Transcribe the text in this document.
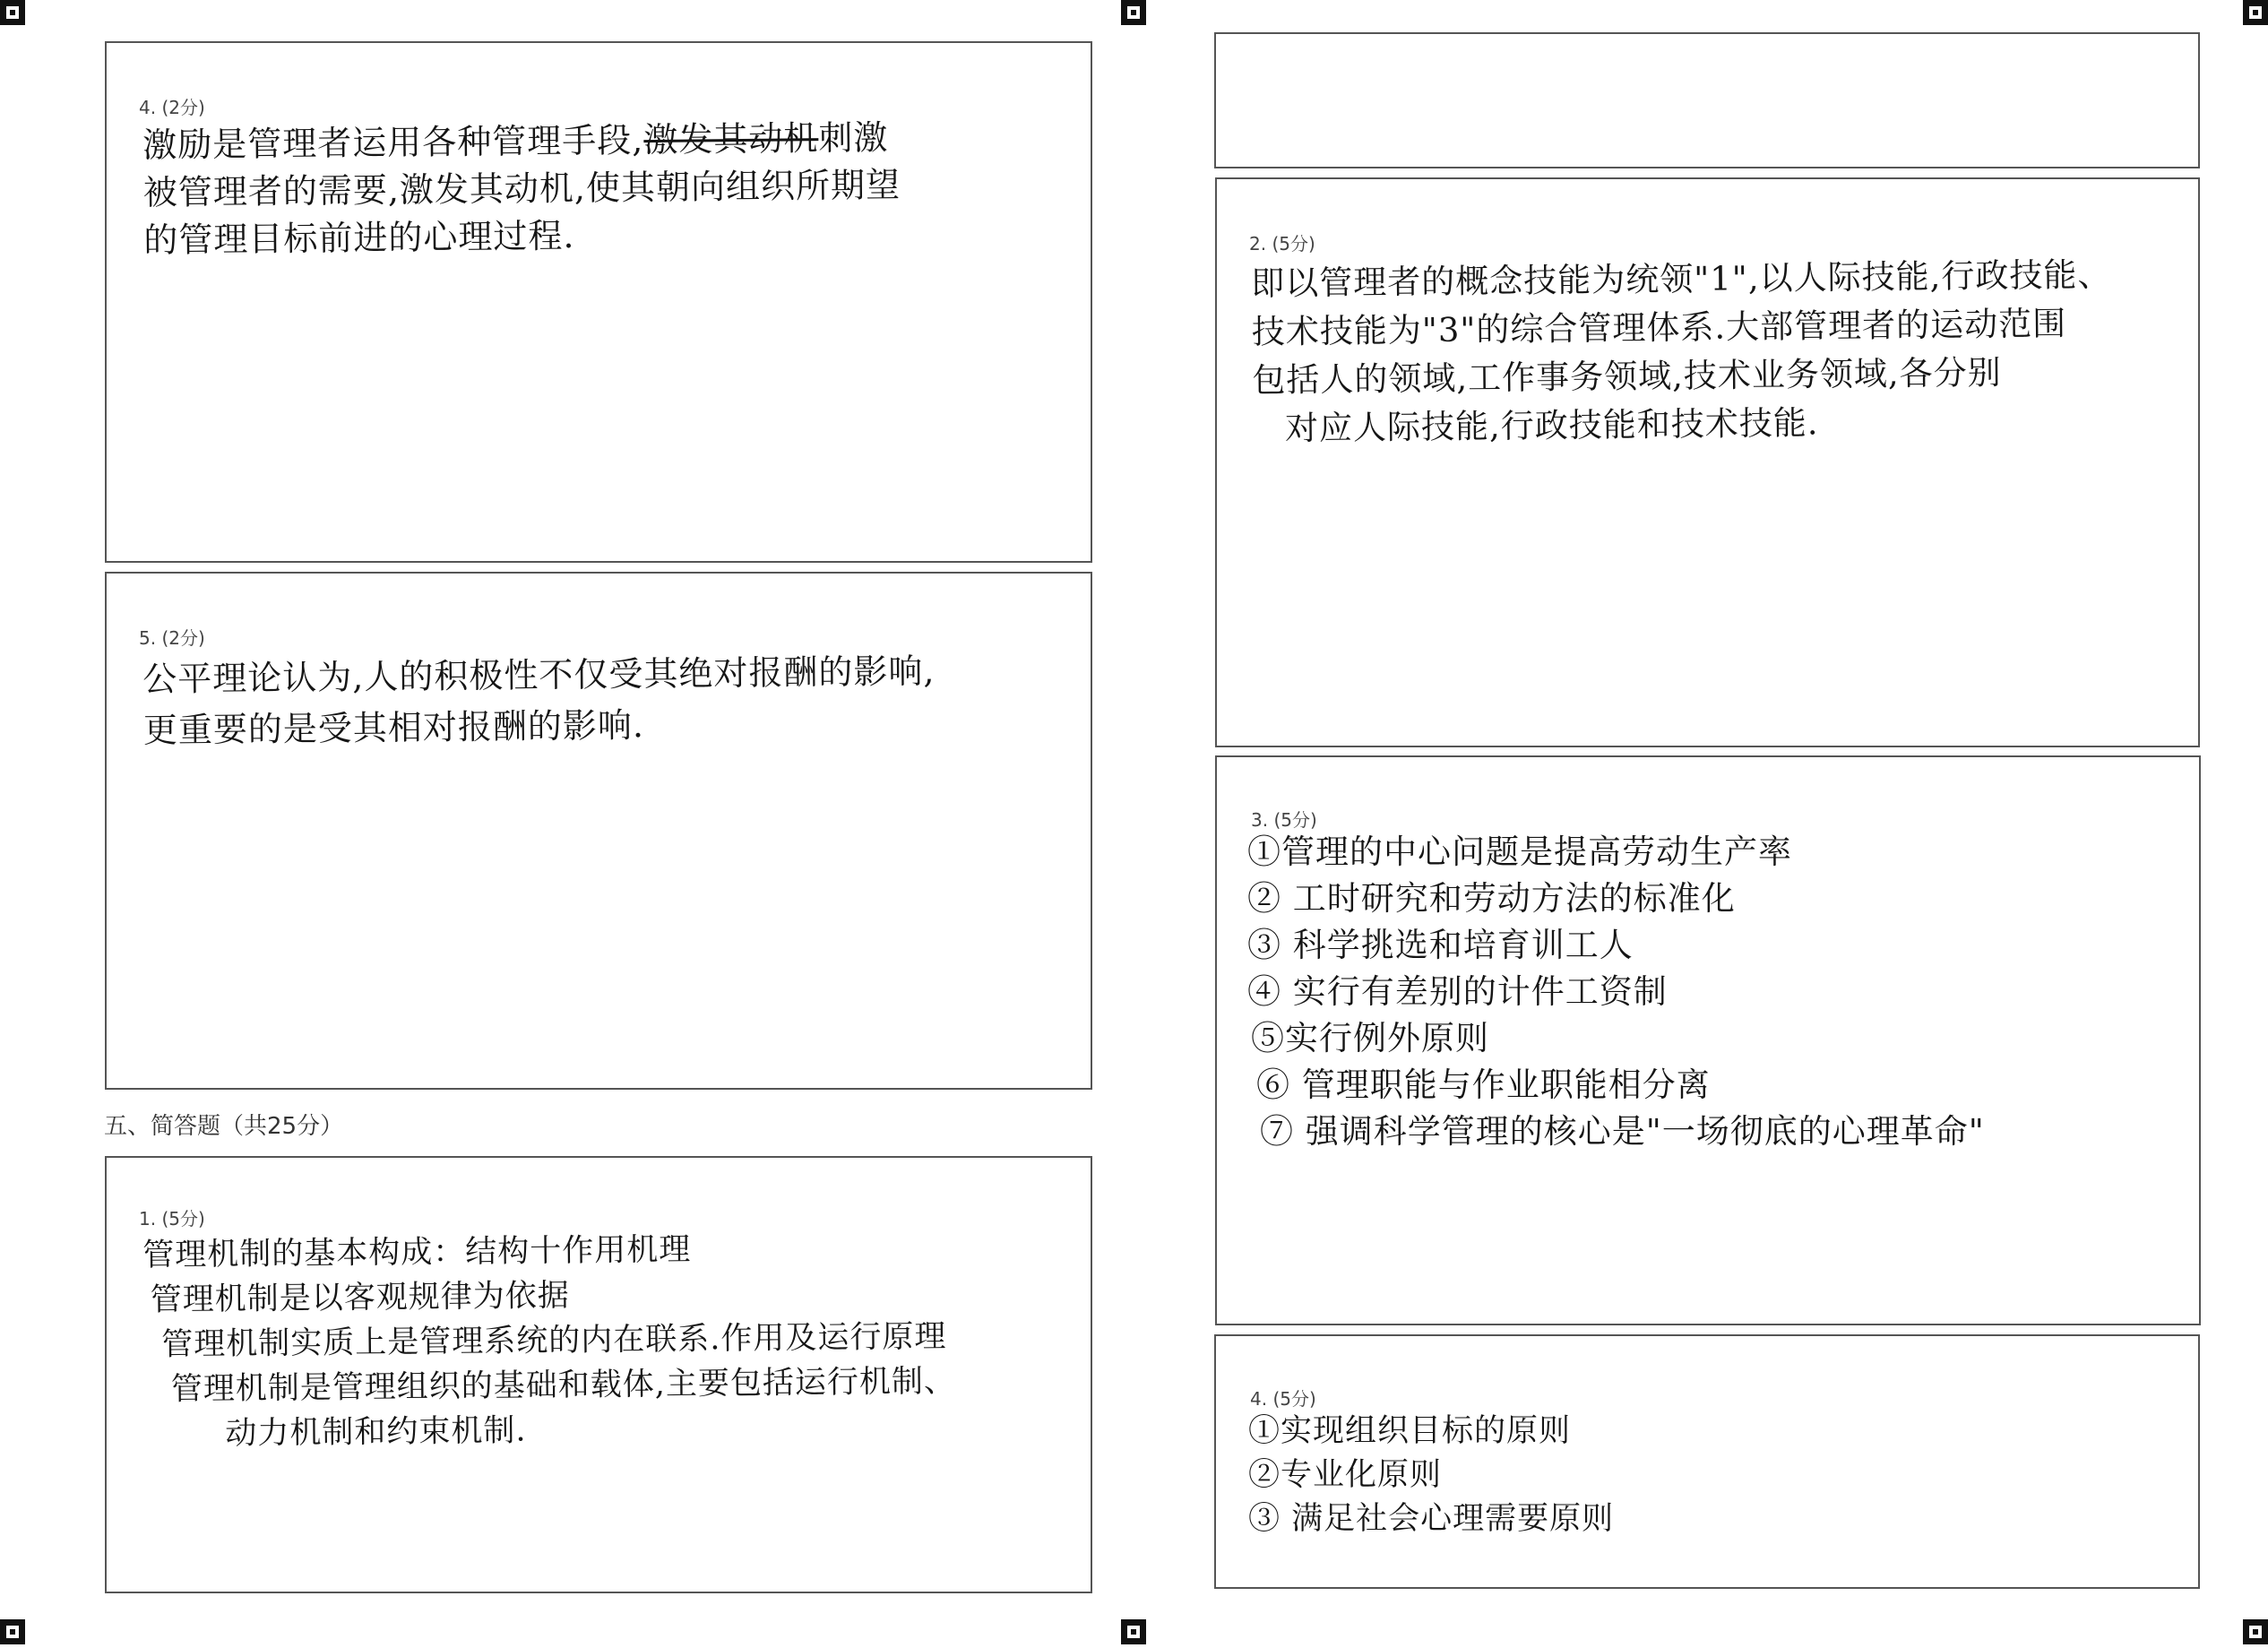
4. (2分)
激励是管理者运用各种管理手段,激发其动机刺激
被管理者的需要,激发其动机,使其朝向组织所期望
的管理目标前进的心理过程.
5. (2分)
公平理论认为,人的积极性不仅受其绝对报酬的影响,
更重要的是受其相对报酬的影响.
五、简答题（共25分）
1. (5分)
管理机制的基本构成：结构十作用机理
管理机制是以客观规律为依据
管理机制实质上是管理系统的内在联系.作用及运行原理
管理机制是管理组织的基础和载体,主要包括运行机制、
动力机制和约束机制.
2. (5分)
即以管理者的概念技能为统领"1",以人际技能,行政技能、
技术技能为"3"的综合管理体系.大部管理者的运动范围
包括人的领域,工作事务领域,技术业务领域,各分别
对应人际技能,行政技能和技术技能.
3. (5分)
①管理的中心问题是提高劳动生产率
② 工时研究和劳动方法的标准化
③ 科学挑选和培育训工人
④ 实行有差别的计件工资制
⑤实行例外原则
⑥ 管理职能与作业职能相分离
⑦ 强调科学管理的核心是"一场彻底的心理革命"
4. (5分)
①实现组织目标的原则
②专业化原则
③ 满足社会心理需要原则
